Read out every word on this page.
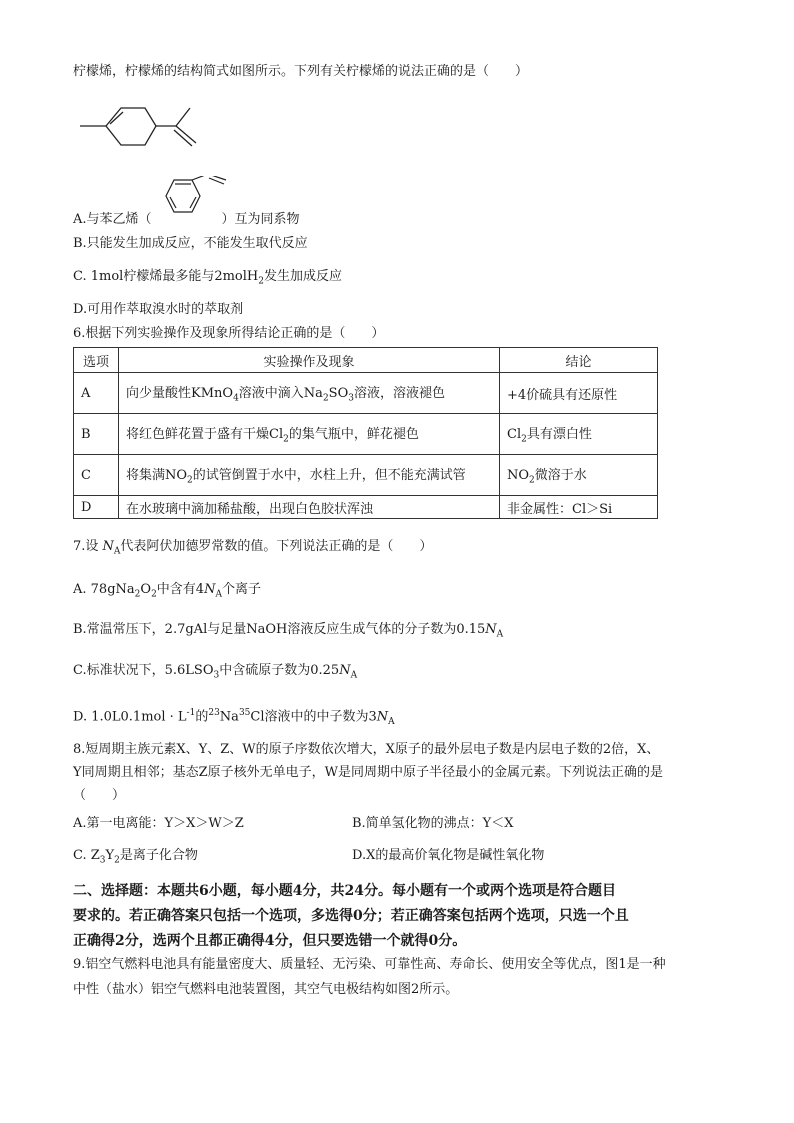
柠檬烯，柠檬烯的结构简式如图所示。下列有关柠檬烯的说法正确的是（　　）
A.与苯乙烯（	）互为同系物
B.只能发生加成反应，不能发生取代反应
C. 1mol柠檬烯最多能与2molH$_2$发生加成反应
D.可用作萃取溴水时的萃取剂
6.根据下列实验操作及现象所得结论正确的是（　　）
选项	实验操作及现象	结论
A	向少量酸性KMnO$_4$溶液中滴入$Na_2SO_3$溶液，溶液褪色	+4价硫具有还原性
B	将红色鲜花置于盛有干燥$Cl_2$的集气瓶中，鲜花褪色	$Cl_2$具有漂白性
C	将集满$NO_2$的试管倒置于水中，水柱上升，但不能充满试管	$NO_2$微溶于水
D	在水玻璃中滴加稀盐酸，出现白色胶状浑浊	非金属性：Cl＞Si
7.设 $N_A$代表阿伏加德罗常数的值。下列说法正确的是（　　）
A. $78gNa_2O_2$中含有$4N_A$个离子
B.常温常压下，2.7gAl与足量NaOH溶液反应生成气体的分子数为$0.15N_A$
C.标准状况下，$5.6LSO_3$中含硫原子数为$0.25N_A$
D. $1.0L0.1mol \cdot L^{-1}$的$^{23}$Na$^{35}$Cl溶液中的中子数为$3N_A$
8.短周期主族元素X、Y、Z、W的原子序数依次增大，X原子的最外层电子数是内层电子数的2倍，X、
Y同周期且相邻；基态Z原子核外无单电子，W是同周期中原子半径最小的金属元素。下列说法正确的是
（　　）
A.第一电离能：Y＞X＞W＞Z	B.简单氢化物的沸点：Y＜X
C. $Z_3Y_2$是离子化合物	D.X的最高价氧化物是碱性氧化物
二、选择题：本题共6小题，每小题4分，共24分。每小题有一个或两个选项是符合题目
要求的。若正确答案只包括一个选项，多选得0分；若正确答案包括两个选项，只选一个且
正确得2分，选两个且都正确得4分，但只要选错一个就得0分。
9.铝空气燃料电池具有能量密度大、质量轻、无污染、可靠性高、寿命长、使用安全等优点，图1是一种
中性（盐水）铝空气燃料电池装置图，其空气电极结构如图2所示。
